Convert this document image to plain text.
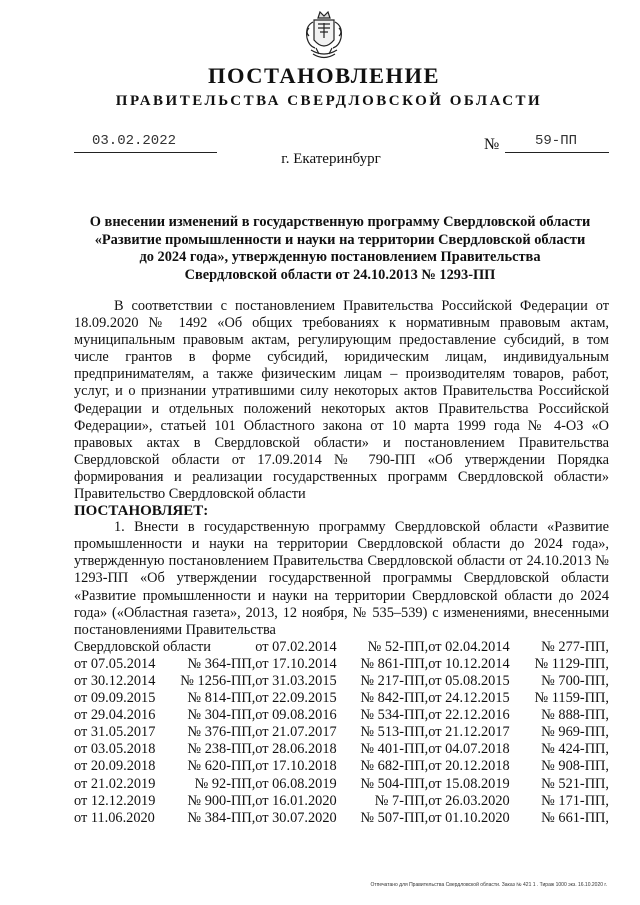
ПОСТАНОВЛЕНИЕ
ПРАВИТЕЛЬСТВА СВЕРДЛОВСКОЙ ОБЛАСТИ
03.02.2022	№	59-ПП
г. Екатеринбург
О внесении изменений в государственную программу Свердловской области
«Развитие промышленности и науки на территории Свердловской области
до 2024 года», утвержденную постановлением Правительства
Свердловской области от 24.10.2013 № 1293-ПП

В соответствии с постановлением Правительства Российской Федерации от 18.09.2020 № 1492 «Об общих требованиях к нормативным правовым актам, муниципальным правовым актам, регулирующим предоставление субсидий, в том числе грантов в форме субсидий, юридическим лицам, индивидуальным предпринимателям, а также физическим лицам – производителям товаров, работ, услуг, и о признании утратившими силу некоторых актов Правительства Российской Федерации и отдельных положений некоторых актов Правительства Российской Федерации», статьей 101 Областного закона от 10 марта 1999 года № 4-ОЗ «О правовых актах в Свердловской области» и постановлением Правительства Свердловской области от 17.09.2014 № 790-ПП «Об утверждении Порядка формирования и реализации государственных программ Свердловской области» Правительство Свердловской области

ПОСТАНОВЛЯЕТ:

1. Внести в государственную программу Свердловской области «Развитие промышленности и науки на территории Свердловской области до 2024 года», утвержденную постановлением Правительства Свердловской области от 24.10.2013 № 1293-ПП «Об утверждении государственной программы Свердловской области «Развитие промышленности и науки на территории Свердловской области до 2024 года» («Областная газета», 2013, 12 ноября, № 535–539) с изменениями, внесенными постановлениями Правительства

Свердловской области		от 07.02.2014	№ 52-ПП,	от 02.04.2014	№ 277-ПП,
от 07.05.2014	№ 364-ПП,	от 17.10.2014	№ 861-ПП,	от 10.12.2014	№ 1129-ПП,
от 30.12.2014	№ 1256-ПП,	от 31.03.2015	№ 217-ПП,	от 05.08.2015	№ 700-ПП,
от 09.09.2015	№ 814-ПП,	от 22.09.2015	№ 842-ПП,	от 24.12.2015	№ 1159-ПП,
от 29.04.2016	№ 304-ПП,	от 09.08.2016	№ 534-ПП,	от 22.12.2016	№ 888-ПП,
от 31.05.2017	№ 376-ПП,	от 21.07.2017	№ 513-ПП,	от 21.12.2017	№ 969-ПП,
от 03.05.2018	№ 238-ПП,	от 28.06.2018	№ 401-ПП,	от 04.07.2018	№ 424-ПП,
от 20.09.2018	№ 620-ПП,	от 17.10.2018	№ 682-ПП,	от 20.12.2018	№ 908-ПП,
от 21.02.2019	№ 92-ПП,	от 06.08.2019	№ 504-ПП,	от 15.08.2019	№ 521-ПП,
от 12.12.2019	№ 900-ПП,	от 16.01.2020	№ 7-ПП,	от 26.03.2020	№ 171-ПП,
от 11.06.2020	№ 384-ПП,	от 30.07.2020	№ 507-ПП,	от 01.10.2020	№ 661-ПП,
Отпечатано для Правительства Свердловской области. Заказ № 421 1 . Тираж 1000 экз. 16.10.2020 г.
